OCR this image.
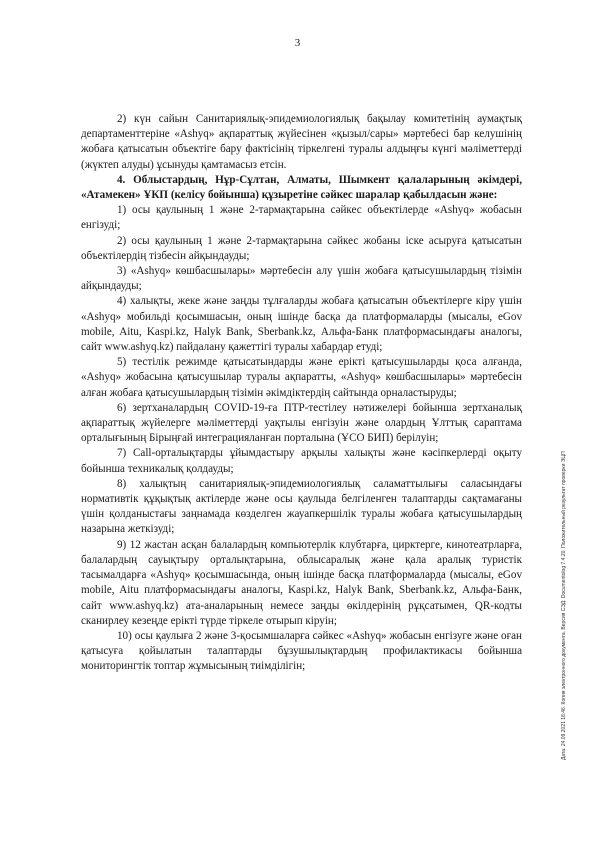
3

2) күн сайын Санитариялық-эпидемиологиялық бақылау комитетінің аумақтық департаменттеріне «Ashyq» ақпараттық жүйесінен «қызыл/сары» мәртебесі бар келушінің жобаға қатысатын объектіге бару фактісінің тіркелгені туралы алдыңғы күнгі мәліметтерді (жүктеп алуды) ұсынуды қамтамасыз етсін.

4. Облыстардың, Нұр-Сұлтан, Алматы, Шымкент қалаларының әкімдері, «Атамекен» ҰКП (келісу бойынша) құзыретіне сәйкес шаралар қабылдасын және:

1) осы қаулының 1 және 2-тармақтарына сәйкес объектілерде «Ashyq» жобасын енгізуді;

2) осы қаулының 1 және 2-тармақтарына сәйкес жобаны іске асыруға қатысатын объектілердің тізбесін айқындауды;

3) «Ashyq» көшбасшылары» мәртебесін алу үшін жобаға қатысушылардың тізімін айқындауды;

4) халықты, жеке және заңды тұлғаларды жобаға қатысатын объектілерге кіру үшін «Ashyq» мобильді қосымшасын, оның ішінде басқа да платформаларды (мысалы, eGov mobile, Aitu, Kaspi.kz, Halyk Bank, Sberbank.kz, Альфа-Банк платформасындағы аналогы, сайт www.ashyq.kz) пайдалану қажеттігі туралы хабардар етуді;

5) тестілік режимде қатысатындарды және ерікті қатысушыларды қоса алғанда, «Ashyq» жобасына қатысушылар туралы ақпаратты, «Ashyq» көшбасшылары» мәртебесін алған жобаға қатысушылардың тізімін әкімдіктердің сайтында орналастыруды;

6) зертханалардың COVID-19-ға ПТР-тестілеу нәтижелері бойынша зертханалық ақпараттық жүйелерге мәліметтерді уақтылы енгізуін және олардың Ұлттық сараптама орталығының Бірыңғай интеграцияланған порталына (ҰСО БИП) берілуін;

7) Call-орталықтарды ұйымдастыру арқылы халықты және кәсіпкерлерді оқыту бойынша техникалық қолдауды;

8) халықтың санитариялық-эпидемиологиялық саламаттылығы саласындағы нормативтік құқықтық актілерде және осы қаулыда белгіленген талаптарды сақтамағаны үшін қолданыстағы заңнамада көзделген жауапкершілік туралы жобаға қатысушылардың назарына жеткізуді;

9) 12 жастан асқан балалардың компьютерлік клубтарға, циркт​ерге, кинотеатрларға, балалардың сауықтыру орталықтарына, облысаралық және қала аралық туристік тасымалдарға «Ashyq» қосымшасында, оның ішінде басқа платформаларда (мысалы, eGov mobile, Aitu платформасындағы аналогы, Kaspi.kz, Halyk Bank, Sberbank.kz, Альфа-Банк, сайт www.ashyq.kz) ата-аналарының немесе заңды өкілдерінің рұқсатымен, QR-кодты сканирлеу кезеңде ерікті түрде тіркеле отырып кіруін;

10) осы қаулыға 2 және 3-қосымшаларға сәйкес «Ashyq» жобасын енгізуге және оған қатысуға қойылатын талаптарды бұзушылықтардың профилактикасы бойынша мониторингтік топтар жұмысының тиімділігін;	Дата: 24.09.2021 18:46. Копия электронного документа. Версия СЭД: Documentolog 7.4.20. Положительный результат проверки ЭЦП
